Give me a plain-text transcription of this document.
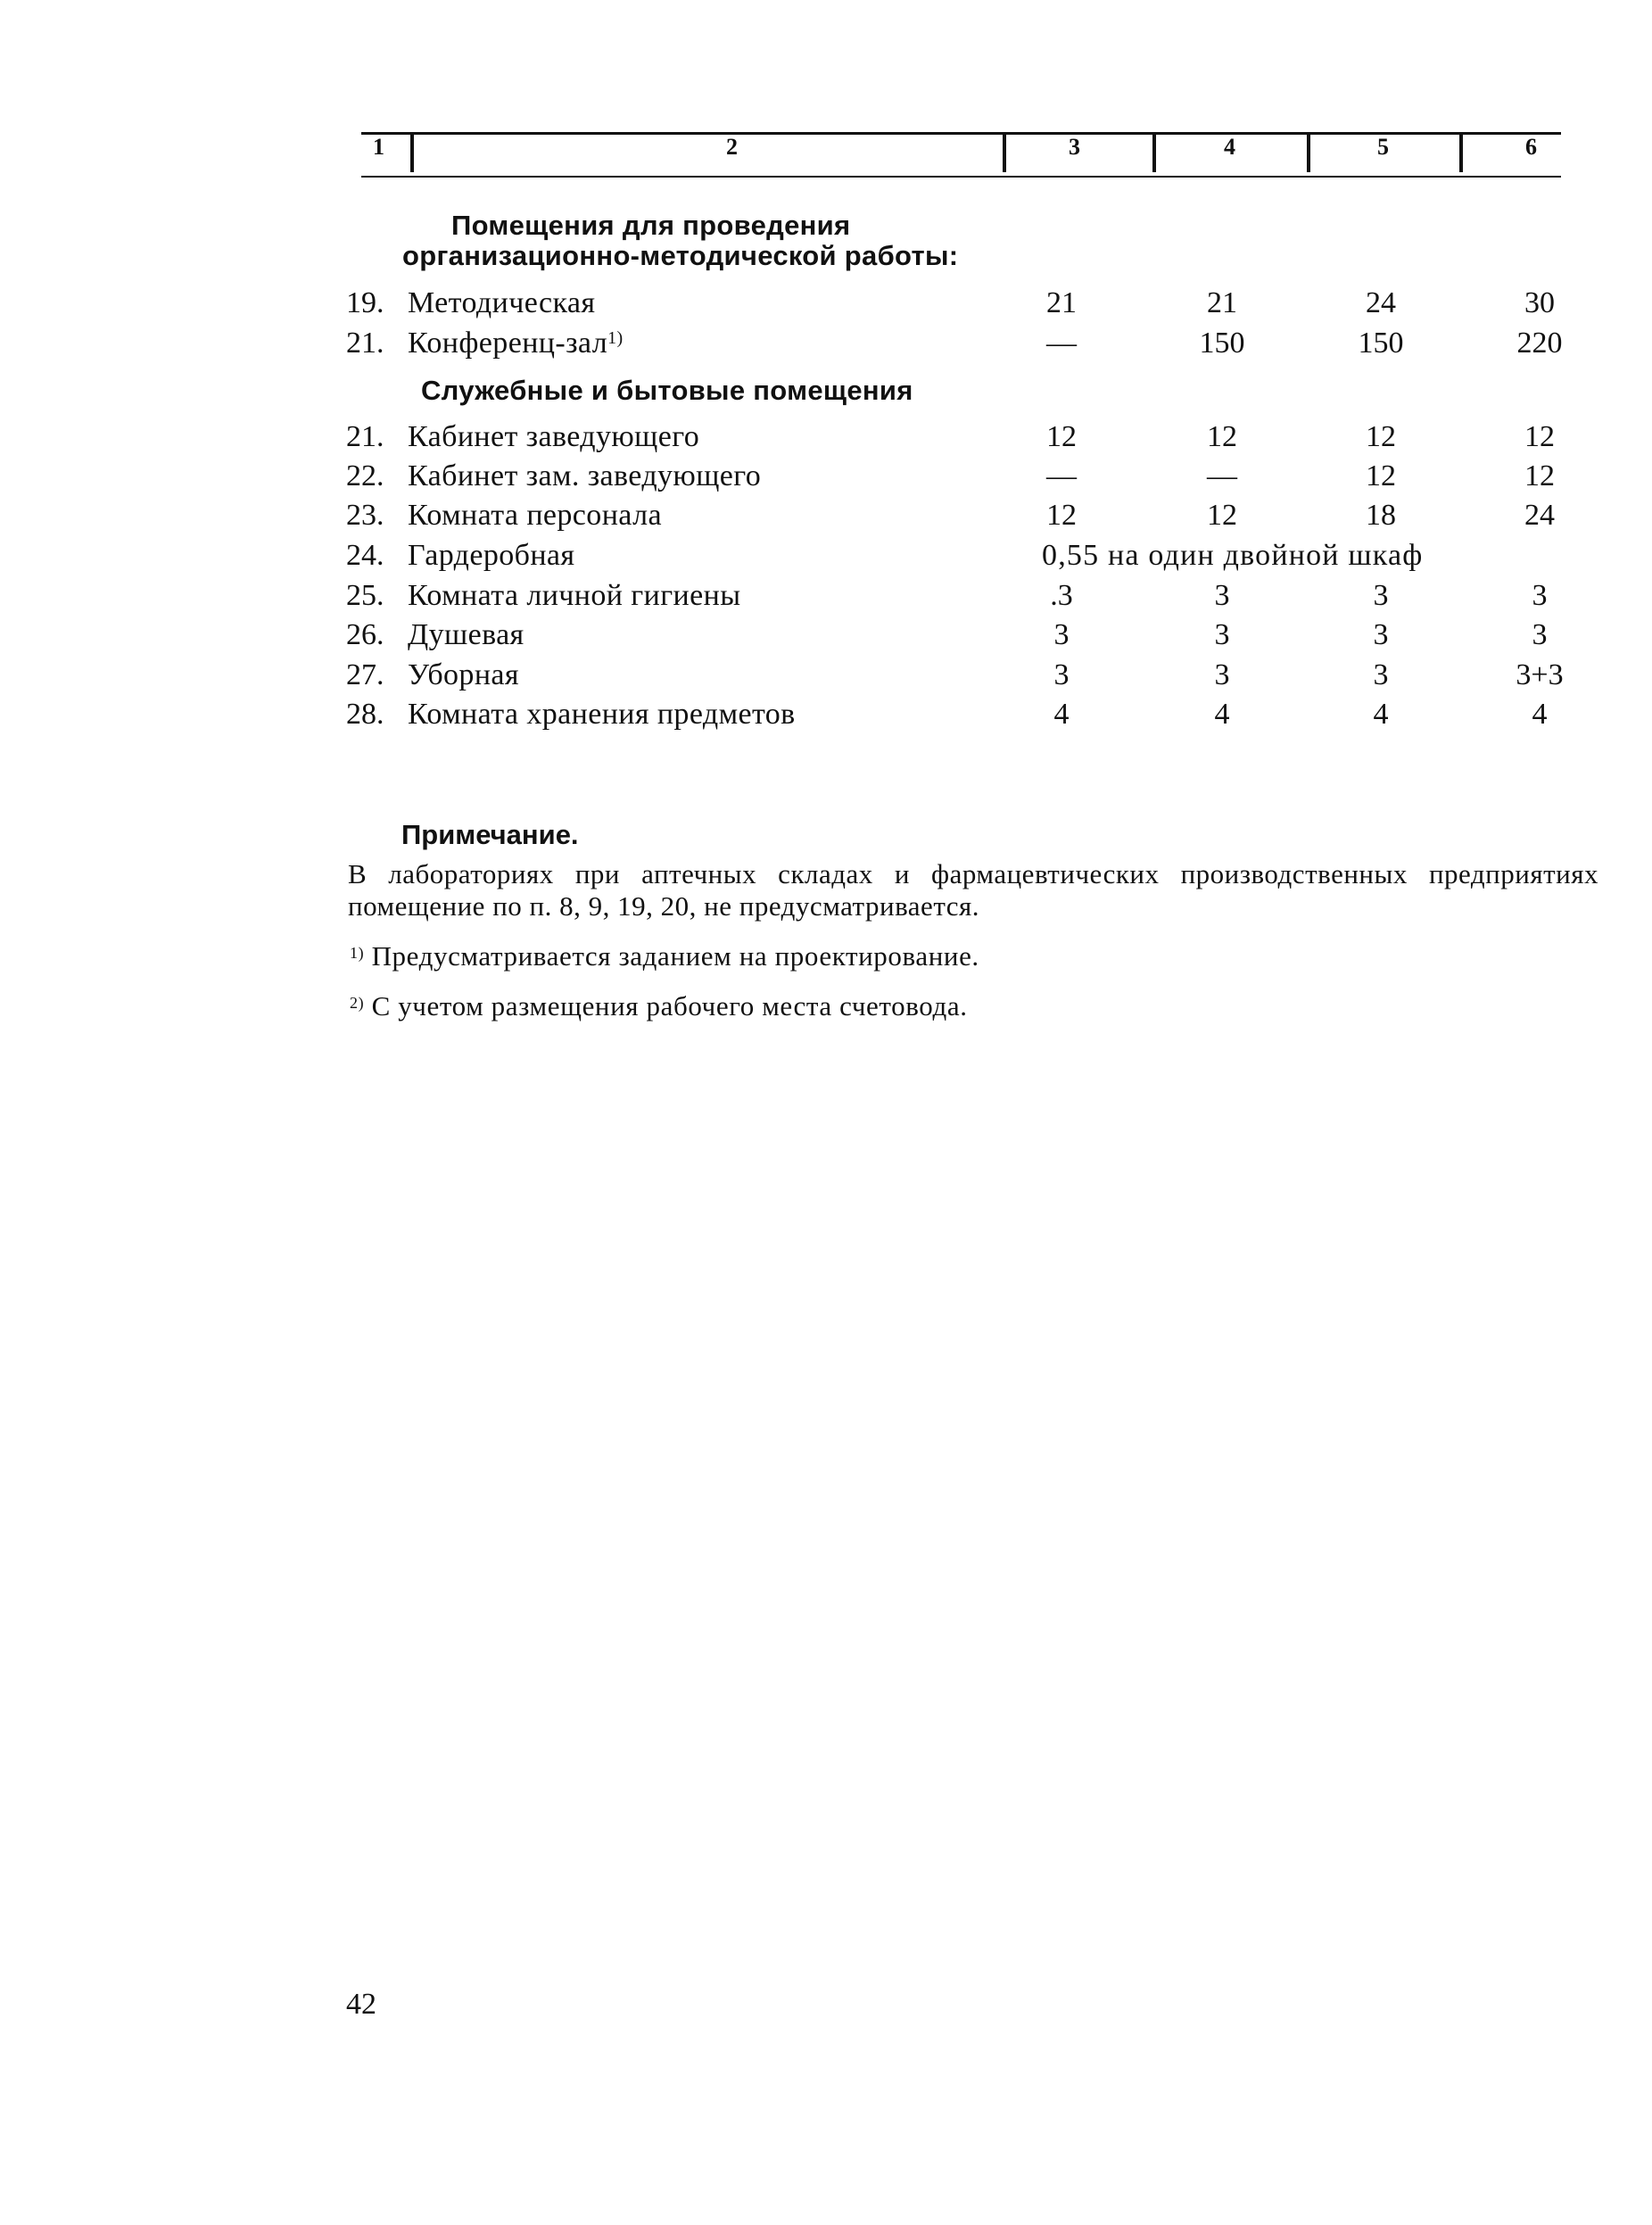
1	2	3	4	5	6
Помещения для проведения
организационно-методической работы:
19. Методическая	21	21	24	30
21. Конференц-зал$^{1)}$	—	150	150	220
Служебные и бытовые помещения
21. Кабинет заведующего	12	12	12	12
22. Кабинет зам. заведующего	—	—	12	12
23. Комната персонала	12	12	18	24
24. Гардеробная	0,55 на один двойной шкаф
25. Комната личной гигиены	.3	3	3	3
26. Душевая	3	3	3	3
27. Уборная	3	3	3	3+3
28. Комната хранения предметов	4	4	4	4
Примечание.
В лабораториях при аптечных складах и фармацевтических производственных предприятиях помещение по п. 8, 9, 19, 20, не предусматривается.
$^{1)}$ Предусматривается заданием на проектирование.
$^{2)}$ С учетом размещения рабочего места счетовода.
42
